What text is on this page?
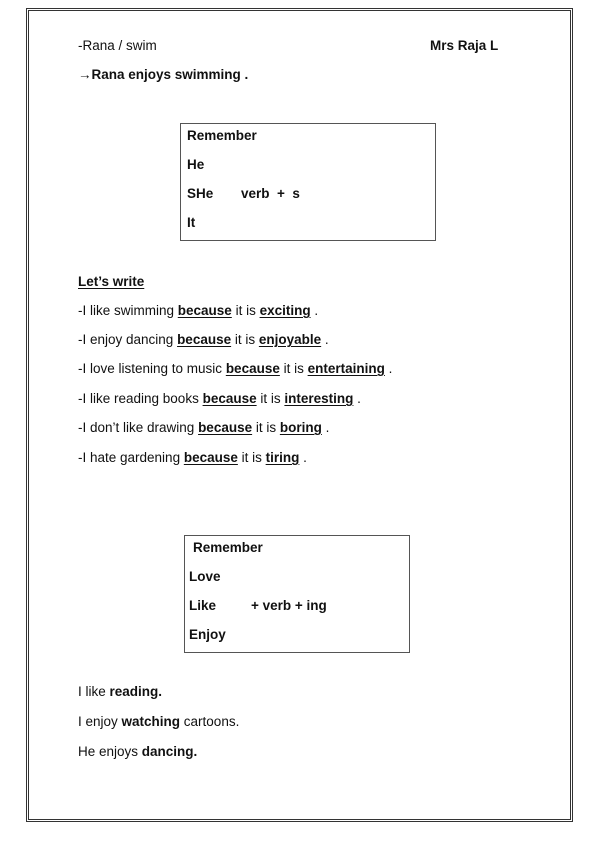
-Rana / swim	Mrs Raja L
→Rana enjoys swimming .
Remember
He
SHe verb  +  s
It
Let’s write
-I like swimming because it is exciting .
-I enjoy dancing because it is enjoyable .
-I love listening to music because it is entertaining .
-I like reading books because it is interesting .
-I don’t like drawing because it is boring .
-I hate gardening because it is tiring .
Remember
Love
Like	+ verb + ing
Enjoy
I like reading.
I enjoy watching cartoons.
He enjoys dancing.
